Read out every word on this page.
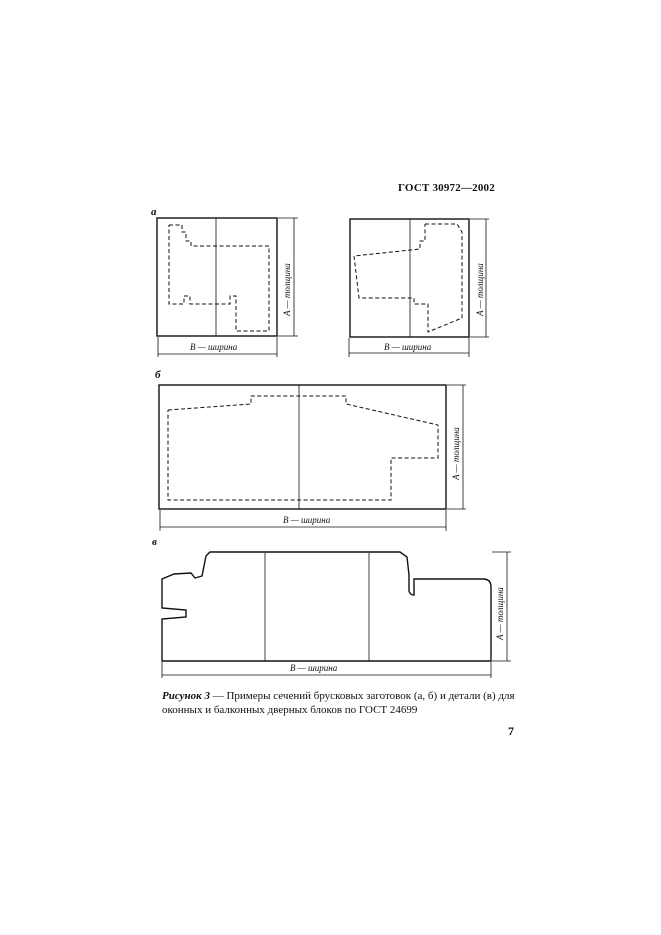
ГОСТ 30972—2002
а
б
в
B — ширина
A — толщина
B — ширина
A — толщина
B — ширина
A — толщина
B — ширина
A — толщина
Рисунок 3 — Примеры сечений брусковых заготовок (а, б) и детали (в) для
оконных и балконных дверных блоков по ГОСТ 24699
7
